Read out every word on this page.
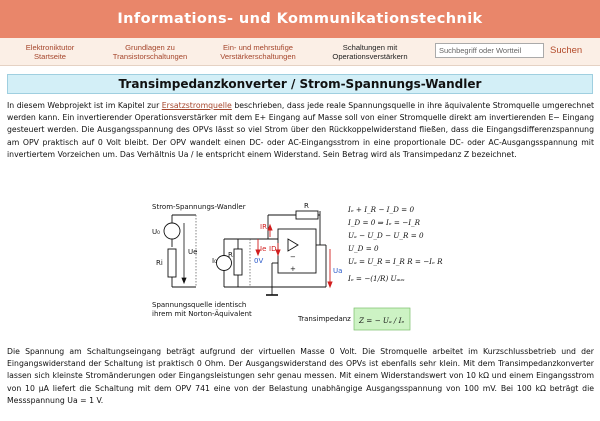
Informations- und Kommunikationstechnik
Elektroniktutor
Startseite
Grundlagen zu
Transistorschaltungen
Ein- und mehrstufige
Verstärkerschaltungen
Schaltungen mit
Operationsverstärkern
Suchbegriff oder Wortteil
Suchen
Transimpedanzkonverter / Strom-Spannungs-Wandler

In diesem Webprojekt ist im Kapitel zur Ersatzstromquelle beschrieben, dass jede reale Spannungsquelle in ihre äquivalente Stromquelle umgerechnet werden kann. Ein invertierender Operationsverstärker mit dem E+ Eingang auf Masse soll von einer Stromquelle direkt am invertierenden E− Eingang gesteuert werden. Die Ausgangsspannung des OPVs lässt so viel Strom über den Rückkoppelwiderstand fließen, dass die Eingangsdifferenzspannung am OPV praktisch auf 0 Volt bleibt. Der OPV wandelt einen DC- oder AC-Eingangsstrom in eine proportionale DC- oder AC-Ausgangsspannung mit invertiertem Vorzeichen um. Das Verhältnis Ua / Ie entspricht einem Widerstand. Sein Betrag wird als Transimpedanz Z bezeichnet.

Strom-Spannungs-Wandler
U₀
Ue
Ri
R
Ie
IR
ID
0V
Ua
I₀
Ri	−
+
Spannungsquelle identisch
ihrem mit Norton-Äquivalent
Transimpedanz
Iₑ + I_R − I_D = 0
I_D = 0 ⇒ Iₑ = −I_R
Uₐ − U_D − U_R = 0
U_D = 0
Uₐ = U_R = I_R R = −Iₑ R
Iₑ = −(1/R) Uₐᵤₛ
Z = − Uₐ / Iₑ

Die Spannung am Schaltungseingang beträgt aufgrund der virtuellen Masse 0 Volt. Die Stromquelle arbeitet im Kurzschlussbetrieb und der Eingangswiderstand der Schaltung ist praktisch 0 Ohm. Der Ausgangswiderstand des OPVs ist ebenfalls sehr klein. Mit dem Transimpedanzkonverter lassen sich kleinste Stromänderungen oder Eingangsleistungen sehr genau messen. Mit einem Widerstandswert von 10 kΩ und einem Eingangsstrom von 10 µA liefert die Schaltung mit dem OPV 741 eine von der Belastung unabhängige Ausgangsspannung von 100 mV. Bei 100 kΩ beträgt die Messspannung Ua = 1 V.
